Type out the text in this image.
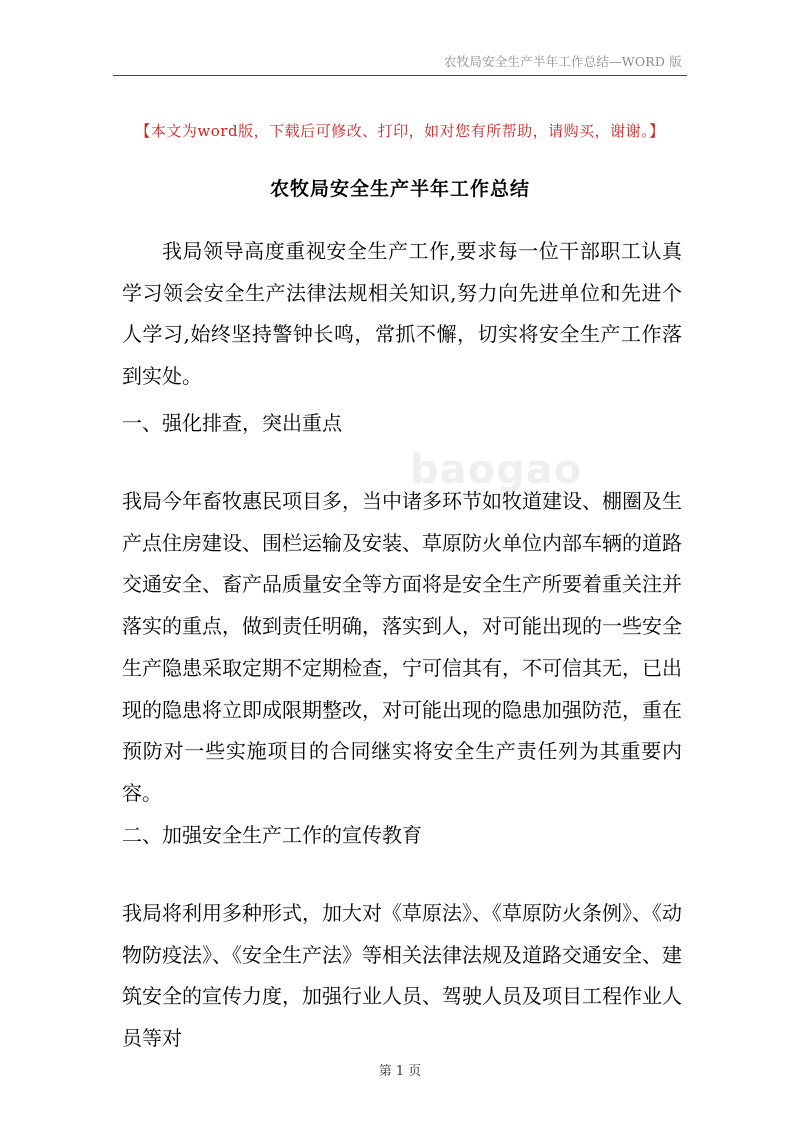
农牧局安全生产半年工作总结—WORD 版
【本文为word版，下载后可修改、打印，如对您有所帮助，请购买，谢谢。】
农牧局安全生产半年工作总结

我局领导高度重视安全生产工作,要求每一位干部职工认真学习领会安全生产法律法规相关知识,努力向先进单位和先进个人学习,始终坚持警钟长鸣，常抓不懈，切实将安全生产工作落到实处。

一、强化排查，突出重点

我局今年畜牧惠民项目多，当中诸多环节如牧道建设、棚圈及生产点住房建设、围栏运输及安装、草原防火单位内部车辆的道路交通安全、畜产品质量安全等方面将是安全生产所要着重关注并落实的重点，做到责任明确，落实到人，对可能出现的一些安全生产隐患采取定期不定期检查，宁可信其有，不可信其无，已出现的隐患将立即成限期整改，对可能出现的隐患加强防范，重在预防对一些实施项目的合同继实将安全生产责任列为其重要内容。

baogao

二、加强安全生产工作的宣传教育

我局将利用多种形式，加大对《草原法》、《草原防火条例》、《动物防疫法》、《安全生产法》等相关法律法规及道路交通安全、建筑安全的宣传力度，加强行业人员、驾驶人员及项目工程作业人员等对

第 1 页
